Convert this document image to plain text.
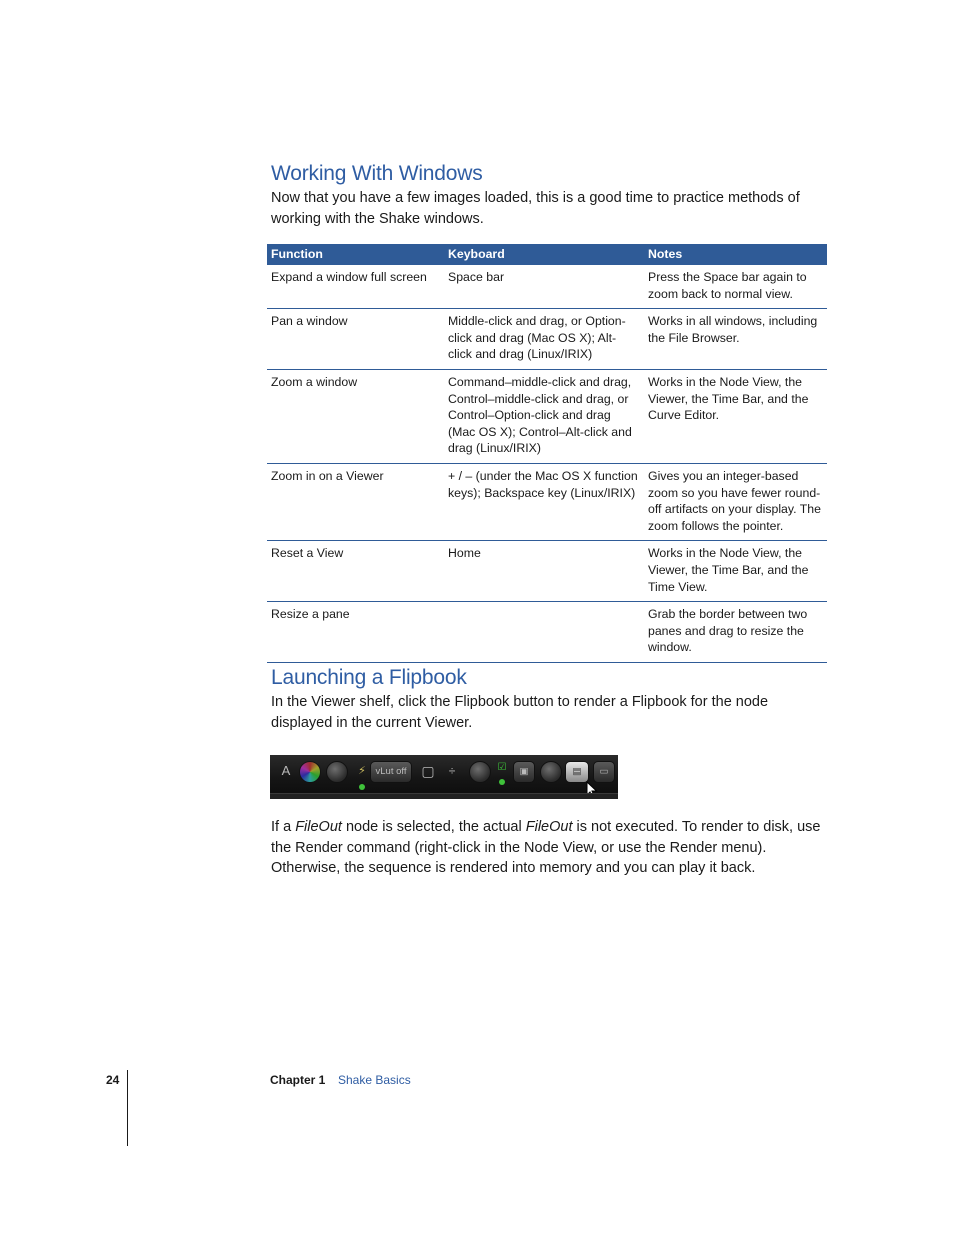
Working With Windows

Now that you have a few images loaded, this is a good time to practice methods of working with the Shake windows.

Function	Keyboard	Notes
Expand a window full screen	Space bar	Press the Space bar again to zoom back to normal view.
Pan a window	Middle-click and drag, or Option-click and drag (Mac OS X); Alt-click and drag (Linux/IRIX)	Works in all windows, including the File Browser.
Zoom a window	Command–middle-click and drag, Control–middle-click and drag, or Control–Option-click and drag (Mac OS X); Control–Alt-click and drag (Linux/IRIX)	Works in the Node View, the Viewer, the Time Bar, and the Curve Editor.
Zoom in on a Viewer	+ / – (under the Mac OS X function keys); Backspace key (Linux/IRIX)	Gives you an integer-based zoom so you have fewer round-off artifacts on your display. The zoom follows the pointer.
Reset a View	Home	Works in the Node View, the Viewer, the Time Bar, and the Time View.
Resize a pane		Grab the border between two panes and drag to resize the window.
Launching a Flipbook

In the Viewer shelf, click the Flipbook button to render a Flipbook for the node displayed in the current Viewer.

A	⚡	vLut off	▢	÷	☑	▣	▤	▭

If a FileOut node is selected, the actual FileOut is not executed. To render to disk, use the Render command (right-click in the Node View, or use the Render menu). Otherwise, the sequence is rendered into memory and you can play it back.

24	Chapter 1 Shake Basics
